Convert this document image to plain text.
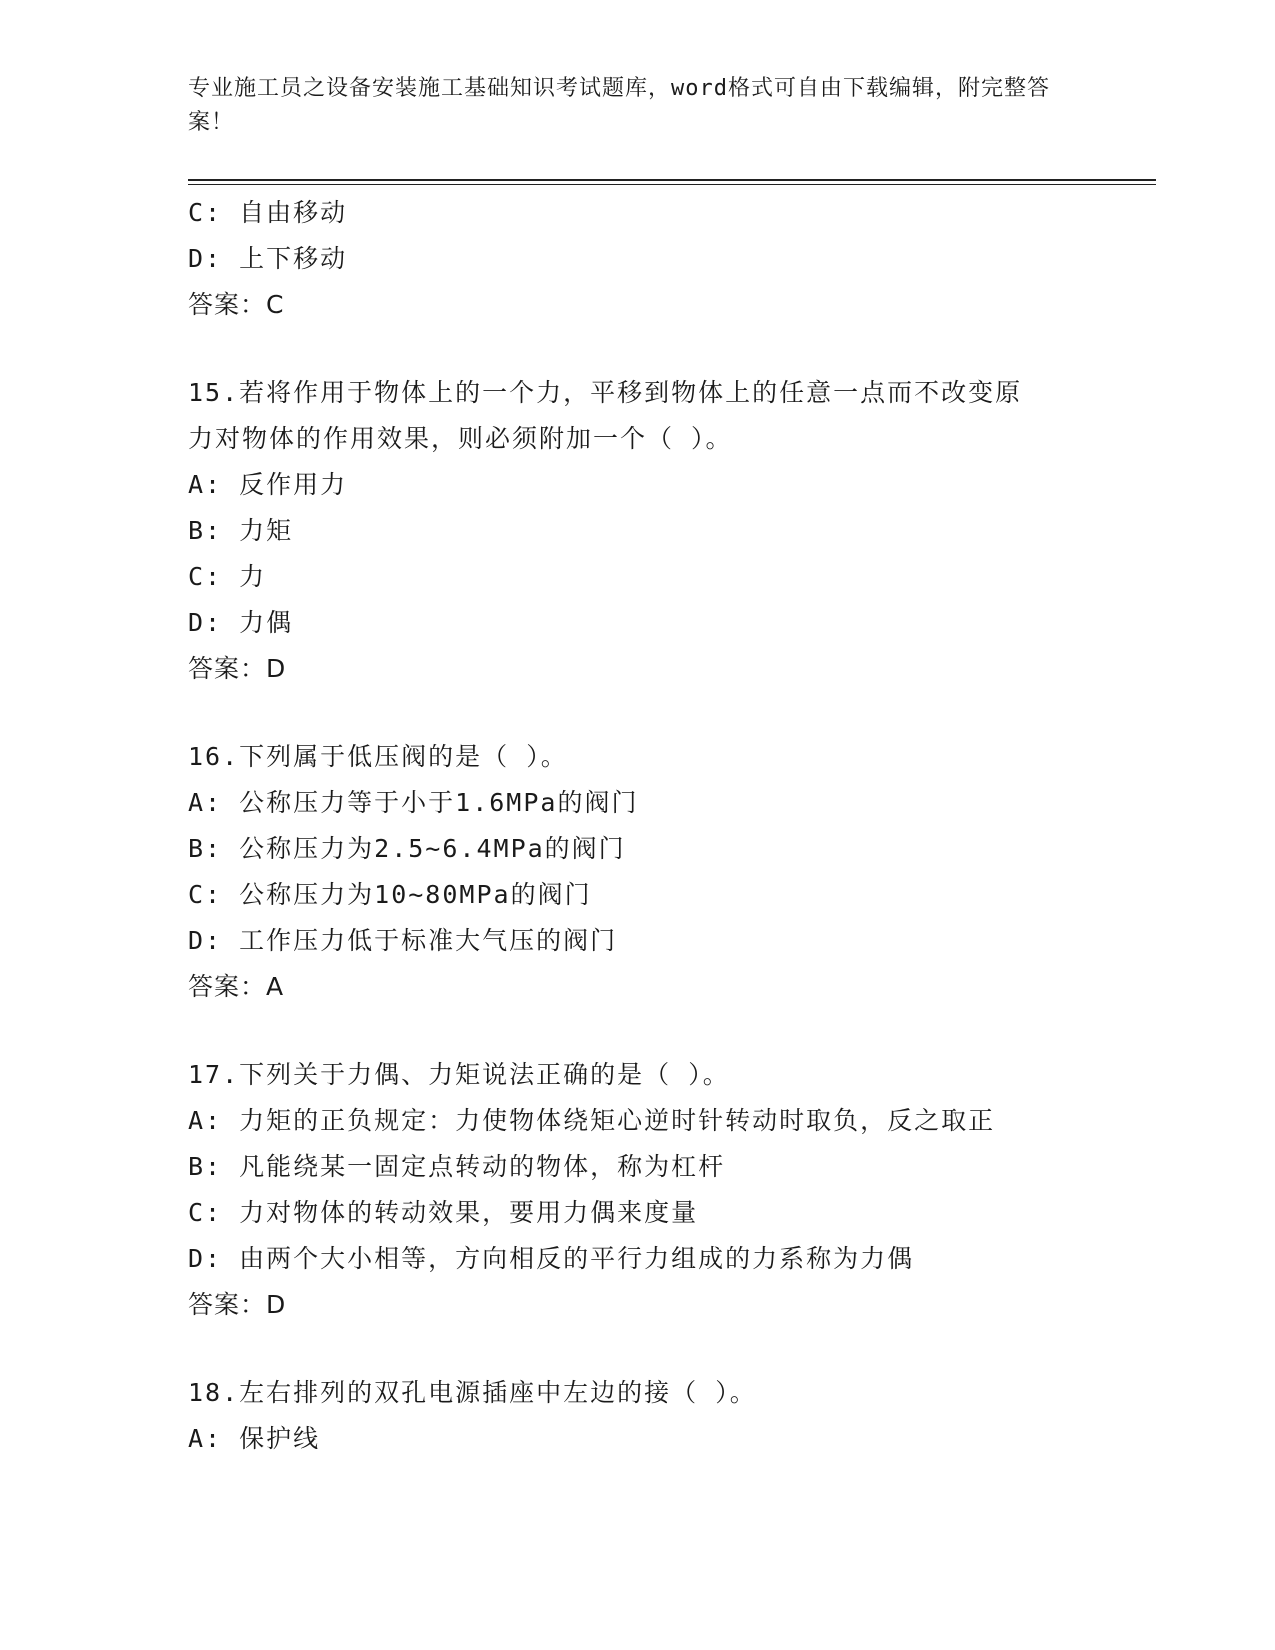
专业施工员之设备安装施工基础知识考试题库，word格式可自由下载编辑，附完整答案！
C: 自由移动
D: 上下移动
答案：C
15.若将作用于物体上的一个力，平移到物体上的任意一点而不改变原
力对物体的作用效果，则必须附加一个（ ）。
A: 反作用力
B: 力矩
C: 力
D: 力偶
答案：D
16.下列属于低压阀的是（ ）。
A: 公称压力等于小于1.6MPa的阀门
B: 公称压力为2.5~6.4MPa的阀门
C: 公称压力为10~80MPa的阀门
D: 工作压力低于标准大气压的阀门
答案：A
17.下列关于力偶、力矩说法正确的是（ ）。
A: 力矩的正负规定：力使物体绕矩心逆时针转动时取负，反之取正
B: 凡能绕某一固定点转动的物体，称为杠杆
C: 力对物体的转动效果，要用力偶来度量
D: 由两个大小相等，方向相反的平行力组成的力系称为力偶
答案：D
18.左右排列的双孔电源插座中左边的接（ ）。
A: 保护线
